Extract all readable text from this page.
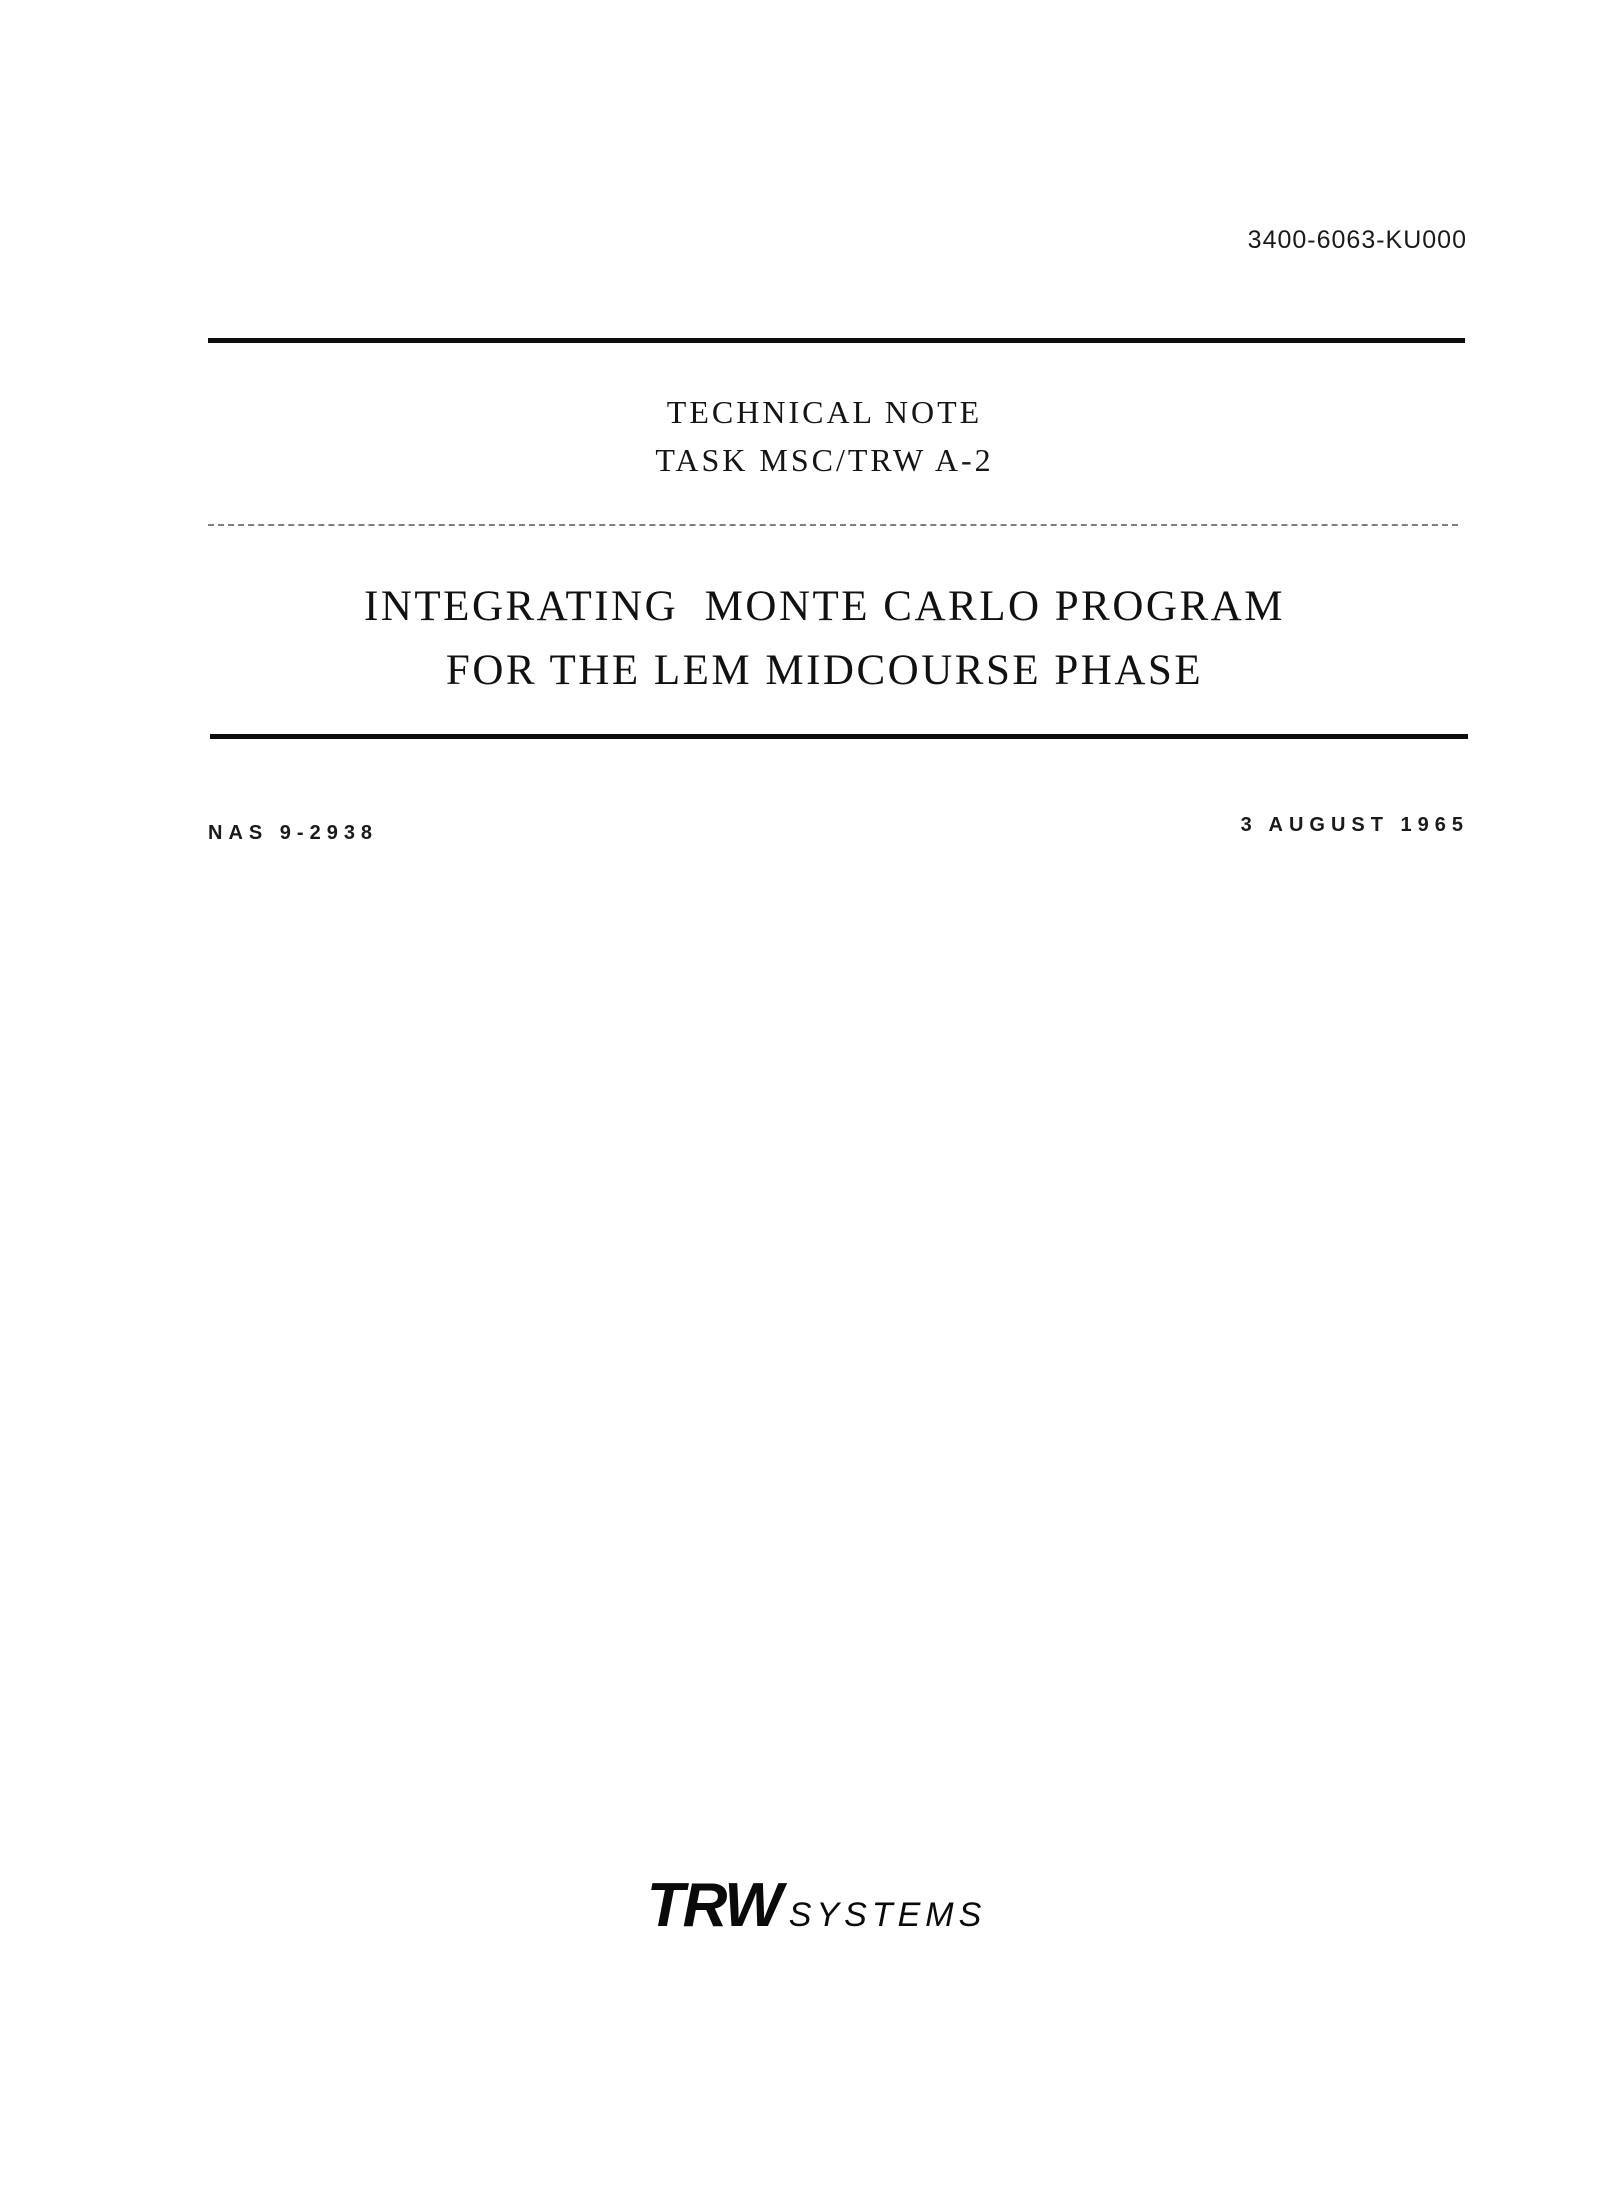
3400-6063-KU000
TECHNICAL NOTE
TASK MSC/TRW A-2
INTEGRATING  MONTE CARLO PROGRAM
FOR THE LEM MIDCOURSE PHASE
NAS 9-2938	3 AUGUST 1965
TRW SYSTEMS
